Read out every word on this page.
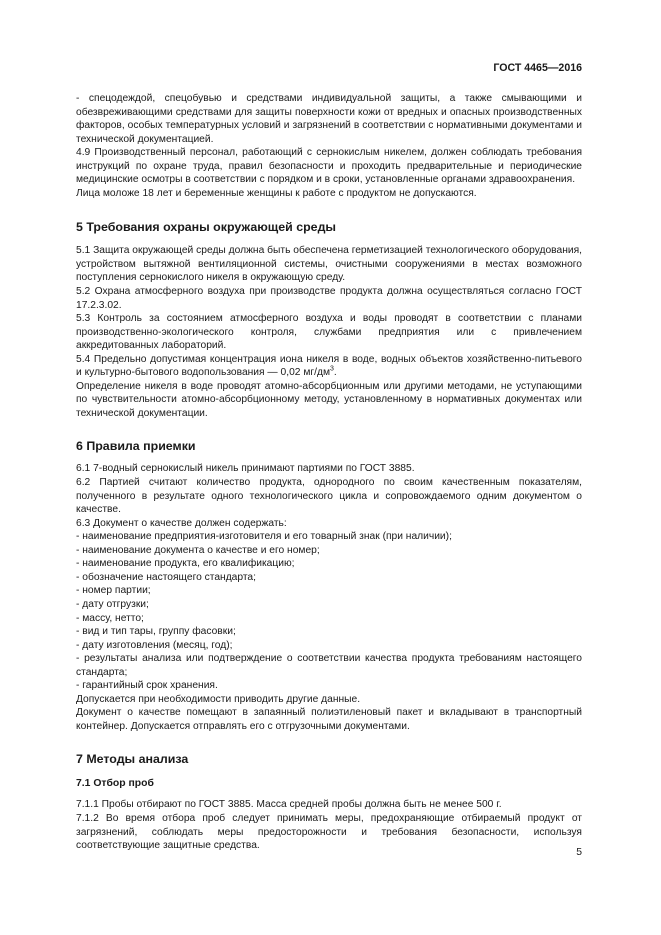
ГОСТ 4465—2016

- спецодеждой, спецобувью и средствами индивидуальной защиты, а также смывающими и обезвреживающими средствами для защиты поверхности кожи от вредных и опасных производственных факторов, особых температурных условий и загрязнений в соответствии с нормативными документами и технической документацией.

4.9 Производственный персонал, работающий с сернокислым никелем, должен соблюдать требования инструкций по охране труда, правил безопасности и проходить предварительные и периодические медицинские осмотры в соответствии с порядком и в сроки, установленные органами здравоохранения.

Лица моложе 18 лет и беременные женщины к работе с продуктом не допускаются.

5 Требования охраны окружающей среды

5.1 Защита окружающей среды должна быть обеспечена герметизацией технологического оборудования, устройством вытяжной вентиляционной системы, очистными сооружениями в местах возможного поступления сернокислого никеля в окружающую среду.

5.2 Охрана атмосферного воздуха при производстве продукта должна осуществляться согласно ГОСТ 17.2.3.02.

5.3 Контроль за состоянием атмосферного воздуха и воды проводят в соответствии с планами производственно-экологического контроля, службами предприятия или с привлечением аккредитованных лабораторий.

5.4 Предельно допустимая концентрация иона никеля в воде, водных объектов хозяйственно-питьевого и культурно-бытового водопользования — 0,02 $мг/дм^3$.

Определение никеля в воде проводят атомно-абсорбционным или другими методами, не уступающими по чувствительности атомно-абсорбционному методу, установленному в нормативных документах или технической документации.

6 Правила приемки

6.1 7-водный сернокислый никель принимают партиями по ГОСТ 3885.

6.2 Партией считают количество продукта, однородного по своим качественным показателям, полученного в результате одного технологического цикла и сопровождаемого одним документом о качестве.

6.3 Документ о качестве должен содержать:

- наименование предприятия-изготовителя и его товарный знак (при наличии);

- наименование документа о качестве и его номер;

- наименование продукта, его квалификацию;

- обозначение настоящего стандарта;

- номер партии;

- дату отгрузки;

- массу, нетто;

- вид и тип тары, группу фасовки;

- дату изготовления (месяц, год);

- результаты анализа или подтверждение о соответствии качества продукта требованиям настоящего стандарта;

- гарантийный срок хранения.

Допускается при необходимости приводить другие данные.

Документ о качестве помещают в запаянный полиэтиленовый пакет и вкладывают в транспортный контейнер. Допускается отправлять его с отгрузочными документами.

7 Методы анализа
7.1 Отбор проб

7.1.1 Пробы отбирают по ГОСТ 3885. Масса средней пробы должна быть не менее 500 г.

7.1.2 Во время отбора проб следует принимать меры, предохраняющие отбираемый продукт от загрязнений, соблюдать меры предосторожности и требования безопасности, используя соответствующие защитные средства.

5
